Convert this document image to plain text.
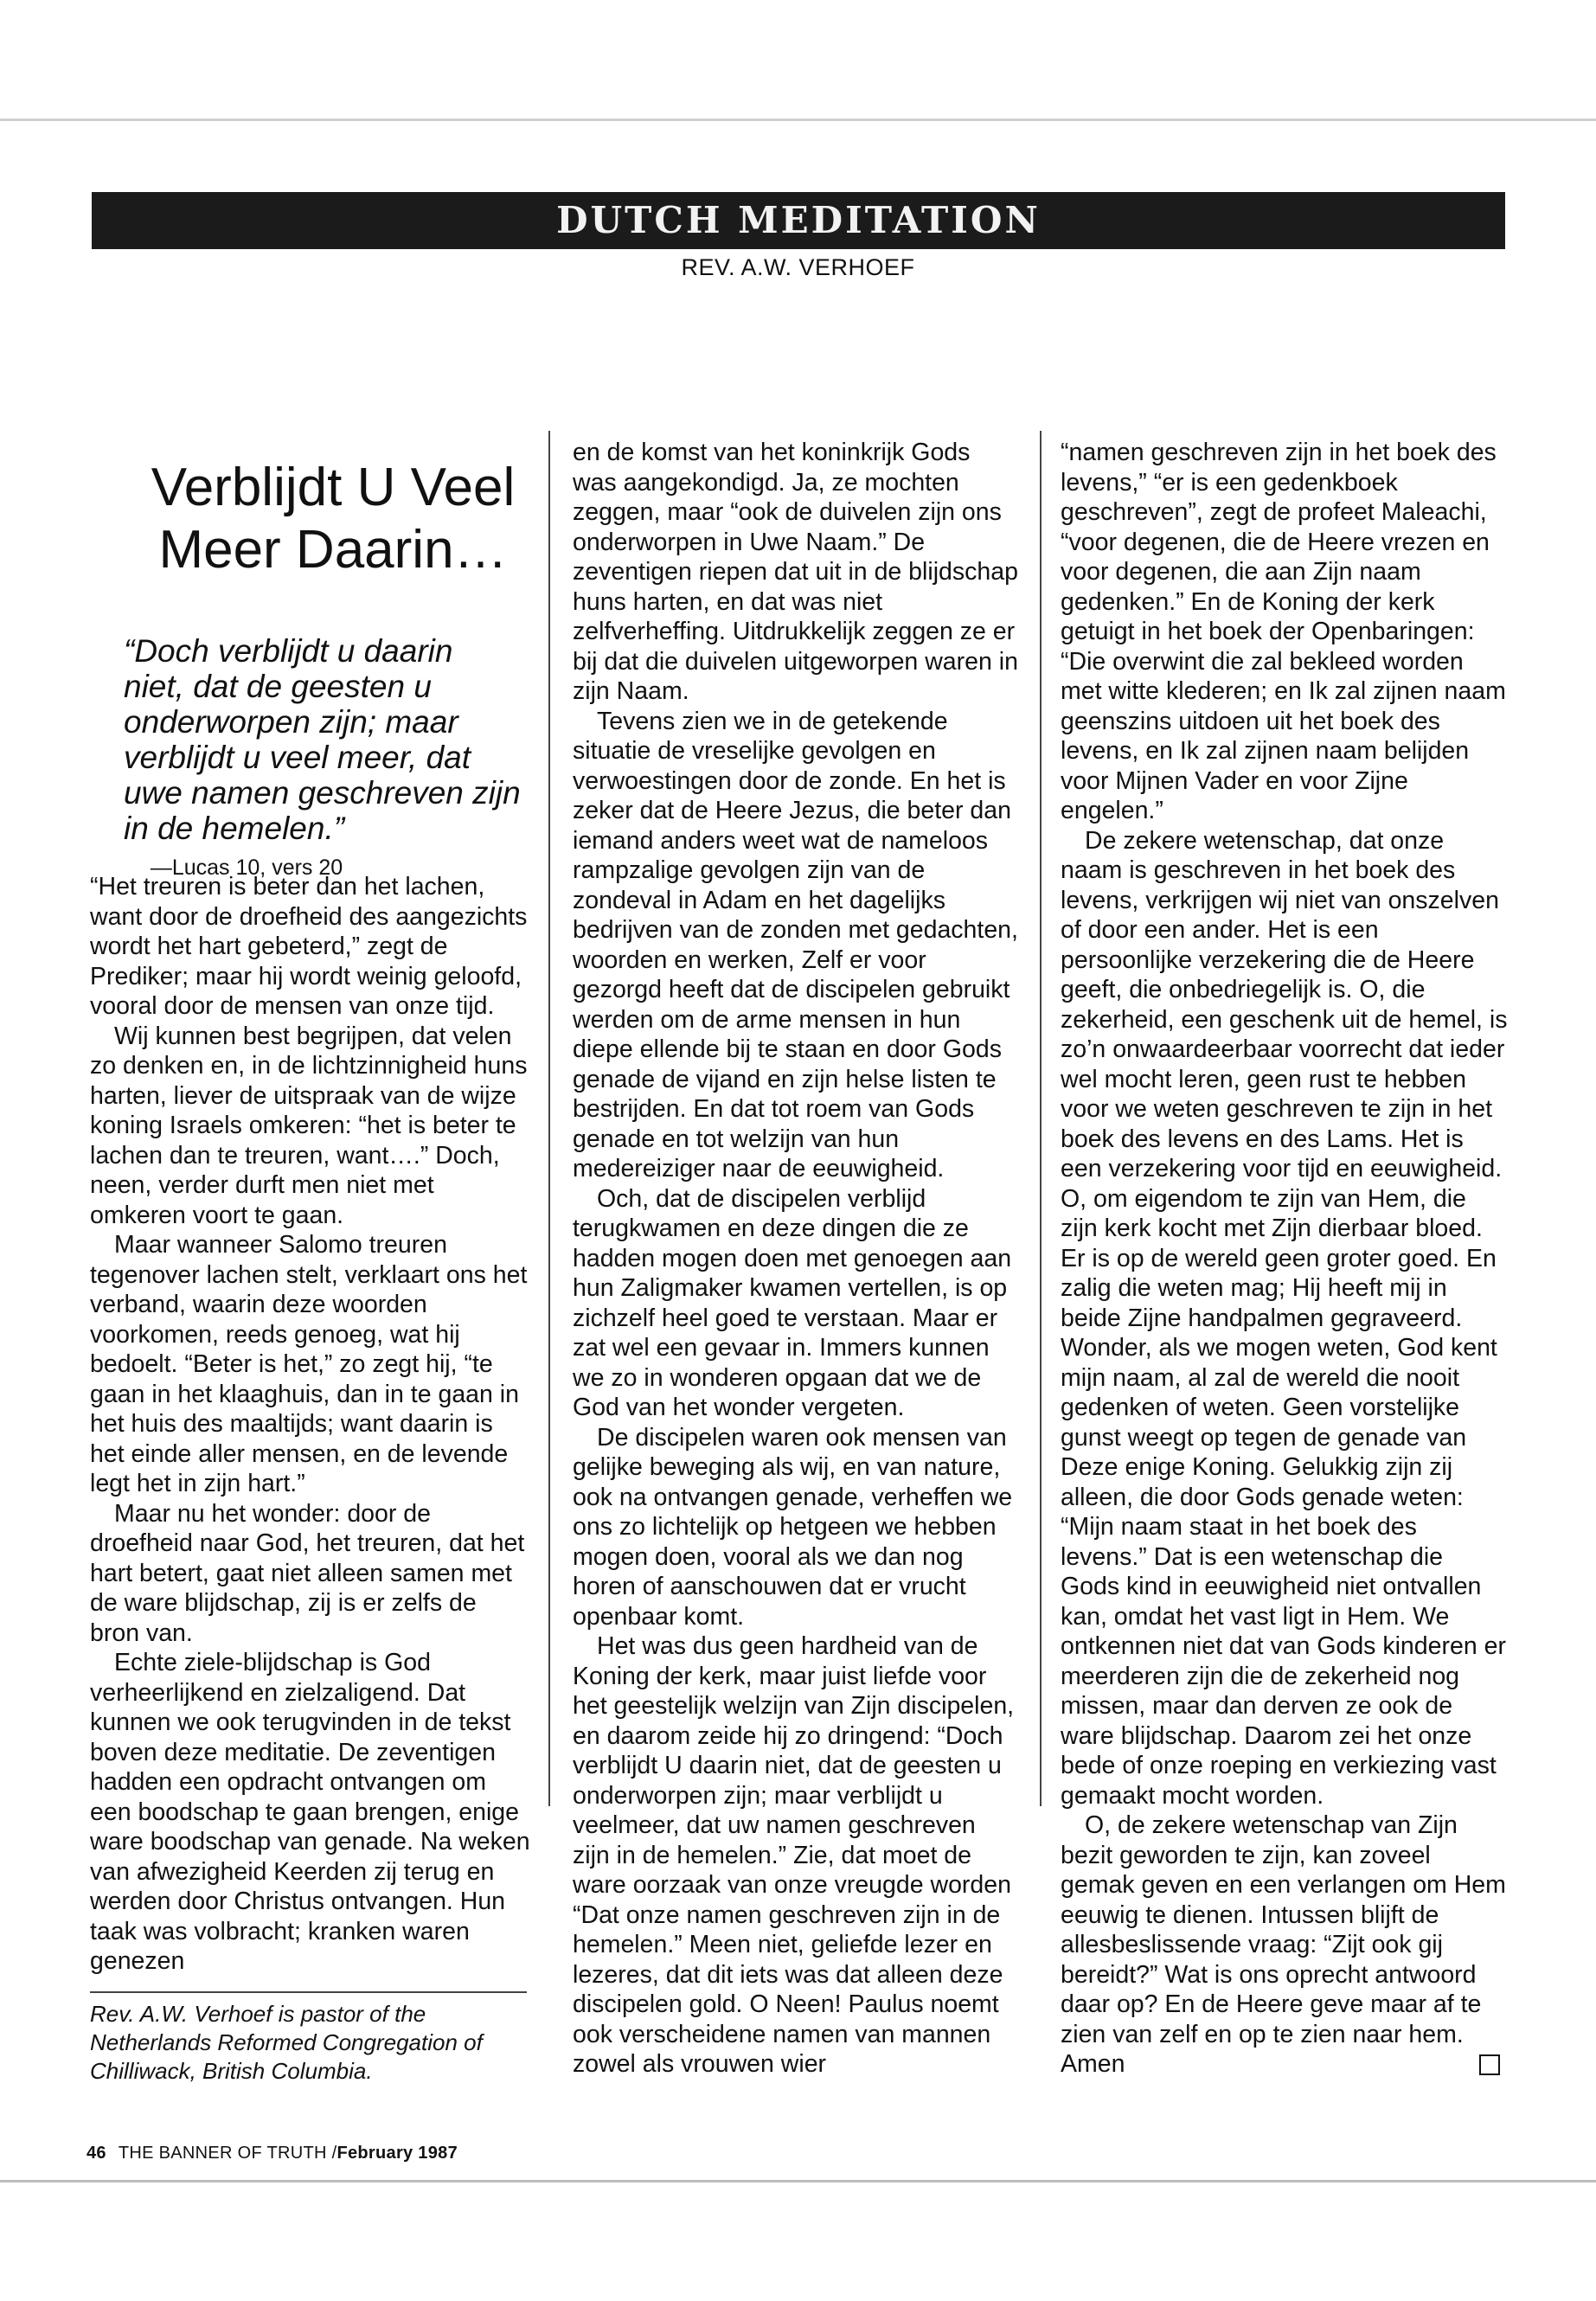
DUTCH MEDITATION
REV. A.W. VERHOEF
Verblijdt U Veel
Meer Daarin…
“Doch verblijdt u daarin niet, dat de geesten u onderworpen zijn; maar verblijdt u veel meer, dat uwe namen geschreven zijn in de hemelen.”    —Lucas 10, vers 20

“Het treuren is beter dan het lachen, want door de droefheid des aangezichts wordt het hart gebeterd,” zegt de Prediker; maar hij wordt weinig geloofd, vooral door de mensen van onze tijd.

Wij kunnen best begrijpen, dat velen zo denken en, in de lichtzinnigheid huns harten, liever de uitspraak van de wijze koning Israels omkeren: “het is beter te lachen dan te treuren, want….” Doch, neen, verder durft men niet met omkeren voort te gaan.

Maar wanneer Salomo treuren tegenover lachen stelt, verklaart ons het verband, waarin deze woorden voorkomen, reeds genoeg, wat hij bedoelt. “Beter is het,” zo zegt hij, “te gaan in het klaaghuis, dan in te gaan in het huis des maaltijds; want daarin is het einde aller mensen, en de levende legt het in zijn hart.”

Maar nu het wonder: door de droefheid naar God, het treuren, dat het hart betert, gaat niet alleen samen met de ware blijdschap, zij is er zelfs de bron van.

Echte ziele-blijdschap is God verheerlijkend en zielzaligend. Dat kunnen we ook terugvinden in de tekst boven deze meditatie. De zeventigen hadden een opdracht ontvangen om een boodschap te gaan brengen, enige ware boodschap van genade. Na weken van afwezigheid Keerden zij terug en werden door Christus ontvangen. Hun taak was volbracht; kranken waren genezen

en de komst van het koninkrijk Gods was aangekondigd. Ja, ze mochten zeggen, maar “ook de duivelen zijn ons onderworpen in Uwe Naam.” De zeventigen riepen dat uit in de blijdschap huns harten, en dat was niet zelfverheffing. Uitdrukkelijk zeggen ze er bij dat die duivelen uitgeworpen waren in zijn Naam.

Tevens zien we in de getekende situatie de vreselijke gevolgen en verwoestingen door de zonde. En het is zeker dat de Heere Jezus, die beter dan iemand anders weet wat de nameloos rampzalige gevolgen zijn van de zondeval in Adam en het dagelijks bedrijven van de zonden met gedachten, woorden en werken, Zelf er voor gezorgd heeft dat de discipelen gebruikt werden om de arme mensen in hun diepe ellende bij te staan en door Gods genade de vijand en zijn helse listen te bestrijden. En dat tot roem van Gods genade en tot welzijn van hun medereiziger naar de eeuwigheid.

Och, dat de discipelen verblijd terugkwamen en deze dingen die ze hadden mogen doen met genoegen aan hun Zaligmaker kwamen vertellen, is op zichzelf heel goed te verstaan. Maar er zat wel een gevaar in. Immers kunnen we zo in wonderen opgaan dat we de God van het wonder vergeten.

De discipelen waren ook mensen van gelijke beweging als wij, en van nature, ook na ontvangen genade, verheffen we ons zo lichtelijk op hetgeen we hebben mogen doen, vooral als we dan nog horen of aanschouwen dat er vrucht openbaar komt.

Het was dus geen hardheid van de Koning der kerk, maar juist liefde voor het geestelijk welzijn van Zijn discipelen, en daarom zeide hij zo dringend: “Doch verblijdt U daarin niet, dat de geesten u onderworpen zijn; maar verblijdt u veelmeer, dat uw namen geschreven zijn in de hemelen.” Zie, dat moet de ware oorzaak van onze vreugde worden “Dat onze namen geschreven zijn in de hemelen.” Meen niet, geliefde lezer en lezeres, dat dit iets was dat alleen deze discipelen gold. O Neen! Paulus noemt ook verscheidene namen van mannen zowel als vrouwen wier

“namen geschreven zijn in het boek des levens,” “er is een gedenkboek geschreven”, zegt de profeet Maleachi, “voor degenen, die de Heere vrezen en voor degenen, die aan Zijn naam gedenken.” En de Koning der kerk getuigt in het boek der Openbaringen: “Die overwint die zal bekleed worden met witte klederen; en Ik zal zijnen naam geenszins uitdoen uit het boek des levens, en Ik zal zijnen naam belijden voor Mijnen Vader en voor Zijne engelen.”

De zekere wetenschap, dat onze naam is geschreven in het boek des levens, verkrijgen wij niet van onszelven of door een ander. Het is een persoonlijke verzekering die de Heere geeft, die onbedriegelijk is. O, die zekerheid, een geschenk uit de hemel, is zo’n onwaardeerbaar voorrecht dat ieder wel mocht leren, geen rust te hebben voor we weten geschreven te zijn in het boek des levens en des Lams. Het is een verzekering voor tijd en eeuwigheid. O, om eigendom te zijn van Hem, die zijn kerk kocht met Zijn dierbaar bloed. Er is op de wereld geen groter goed. En zalig die weten mag; Hij heeft mij in beide Zijne handpalmen gegraveerd. Wonder, als we mogen weten, God kent mijn naam, al zal de wereld die nooit gedenken of weten. Geen vorstelijke gunst weegt op tegen de genade van Deze enige Koning. Gelukkig zijn zij alleen, die door Gods genade weten: “Mijn naam staat in het boek des levens.” Dat is een wetenschap die Gods kind in eeuwigheid niet ontvallen kan, omdat het vast ligt in Hem. We ontkennen niet dat van Gods kinderen er meerderen zijn die de zekerheid nog missen, maar dan derven ze ook de ware blijdschap. Daarom zei het onze bede of onze roeping en verkiezing vast gemaakt mocht worden.

O, de zekere wetenschap van Zijn bezit geworden te zijn, kan zoveel gemak geven en een verlangen om Hem eeuwig te dienen. Intussen blijft de allesbeslissende vraag: “Zijt ook gij bereidt?” Wat is ons oprecht antwoord daar op? En de Heere geve maar af te zien van zelf en op te zien naar hem. Amen

Rev. A.W. Verhoef is pastor of the Netherlands Reformed Congregation of Chilliwack, British Columbia.
46 THE BANNER OF TRUTH /February 1987
